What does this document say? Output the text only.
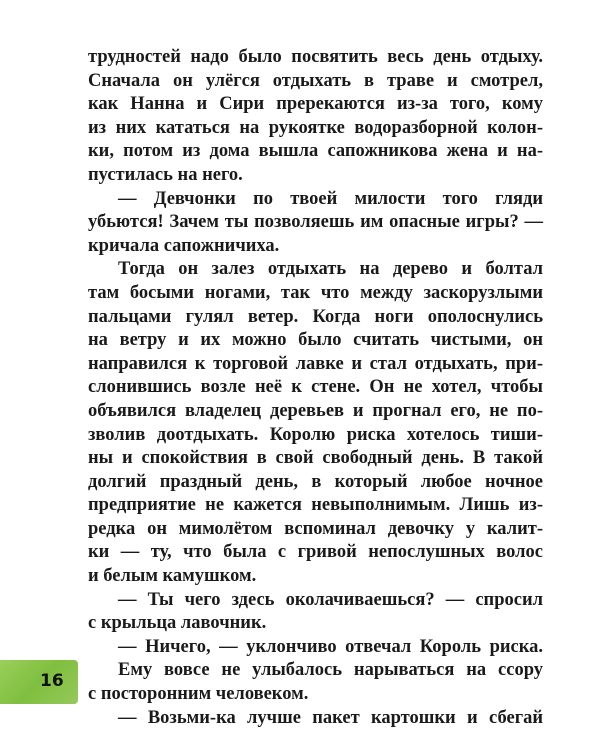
трудностей надо было посвятить весь день отдыху.
Сначала он улёгся отдыхать в траве и смотрел,
как Нанна и Сири пререкаются из-за того, кому
из них кататься на рукоятке водоразборной колон-
ки, потом из дома вышла сапожникова жена и на-
пустилась на него.
— Девчонки по твоей милости того гляди
убьются! Зачем ты позволяешь им опасные игры? —
кричала сапожничиха.
Тогда он залез отдыхать на дерево и болтал
там босыми ногами, так что между заскорузлыми
пальцами гулял ветер. Когда ноги ополоснулись
на ветру и их можно было считать чистыми, он
направился к торговой лавке и стал отдыхать, при-
слонившись возле неё к стене. Он не хотел, чтобы
объявился владелец деревьев и прогнал его, не по-
зволив доотдыхать. Королю риска хотелось тиши-
ны и спокойствия в свой свободный день. В такой
долгий праздный день, в который любое ночное
предприятие не кажется невыполнимым. Лишь из-
редка он мимолётом вспоминал девочку у калит-
ки — ту, что была с гривой непослушных волос
и белым камушком.
— Ты чего здесь околачиваешься? — спросил
с крыльца лавочник.
— Ничего, — уклончиво отвечал Король риска.
Ему вовсе не улыбалось нарываться на ссору
с посторонним человеком.
— Возьми-ка лучше пакет картошки и сбегай
16
